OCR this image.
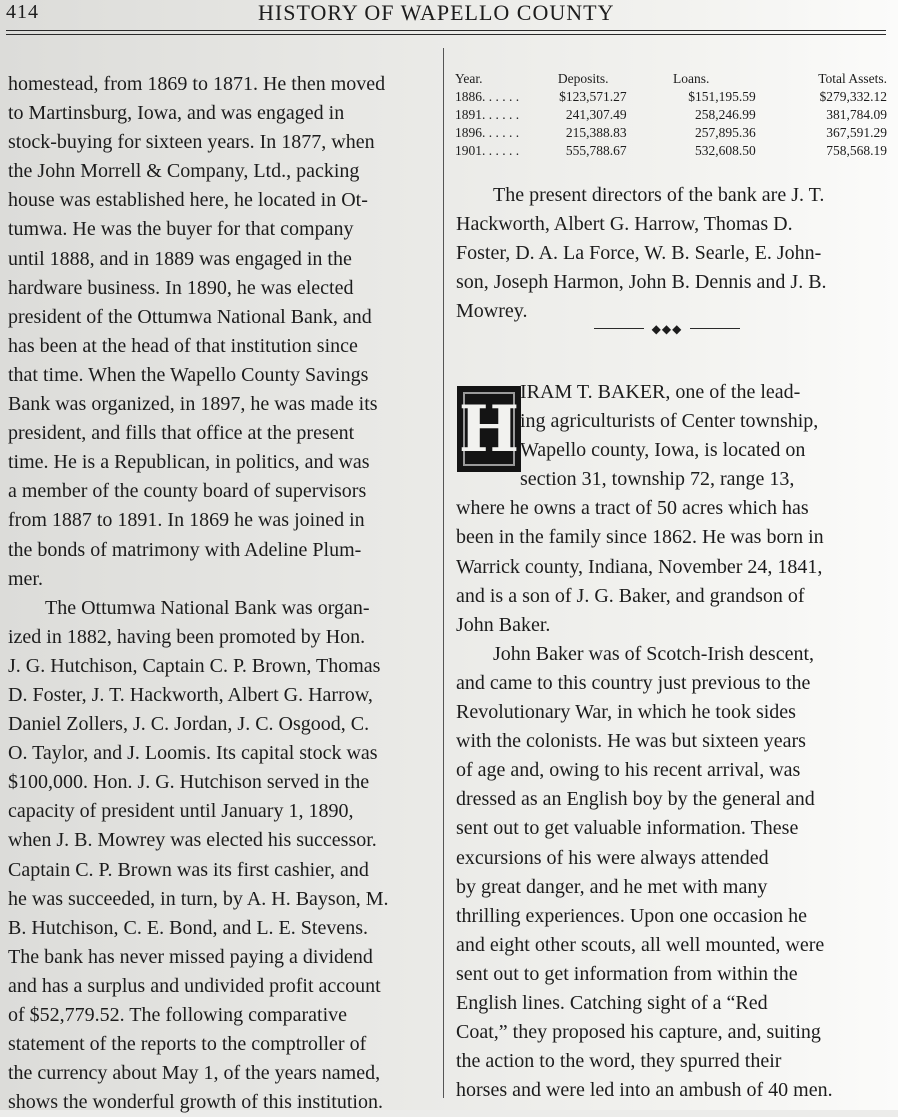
414	HISTORY OF WAPELLO COUNTY

homestead, from 1869 to 1871. He then moved
to Martinsburg, Iowa, and was engaged in
stock-buying for sixteen years. In 1877, when
the John Morrell & Company, Ltd., packing
house was established here, he located in Ot-
tumwa. He was the buyer for that company
until 1888, and in 1889 was engaged in the
hardware business. In 1890, he was elected
president of the Ottumwa National Bank, and
has been at the head of that institution since
that time. When the Wapello County Savings
Bank was organized, in 1897, he was made its
president, and fills that office at the present
time. He is a Republican, in politics, and was
a member of the county board of supervisors
from 1887 to 1891. In 1869 he was joined in
the bonds of matrimony with Adeline Plum-
mer.

The Ottumwa National Bank was organ-
ized in 1882, having been promoted by Hon.
J. G. Hutchison, Captain C. P. Brown, Thomas
D. Foster, J. T. Hackworth, Albert G. Harrow,
Daniel Zollers, J. C. Jordan, J. C. Osgood, C.
O. Taylor, and J. Loomis. Its capital stock was
$100,000. Hon. J. G. Hutchison served in the
capacity of president until January 1, 1890,
when J. B. Mowrey was elected his successor.
Captain C. P. Brown was its first cashier, and
he was succeeded, in turn, by A. H. Bayson, M.
B. Hutchison, C. E. Bond, and L. E. Stevens.
The bank has never missed paying a dividend
and has a surplus and undivided profit account
of $52,779.52. The following comparative
statement of the reports to the comptroller of
the currency about May 1, of the years named,
shows the wonderful growth of this institution.

Year.	Deposits.	Loans.	Total Assets.
1886. . . . . .	$123,571.27	$151,195.59	$279,332.12
1891. . . . . .	241,307.49	258,246.99	381,784.09
1896. . . . . .	215,388.83	257,895.36	367,591.29
1901. . . . . .	555,788.67	532,608.50	758,568.19

The present directors of the bank are J. T.
Hackworth, Albert G. Harrow, Thomas D.
Foster, D. A. La Force, W. B. Searle, E. John-
son, Joseph Harmon, John B. Dennis and J. B.
Mowrey.

◆◆◆
H IRAM T. BAKER, one of the lead-
ing agriculturists of Center township,
Wapello county, Iowa, is located on
section 31, township 72, range 13,

where he owns a tract of 50 acres which has
been in the family since 1862. He was born in
Warrick county, Indiana, November 24, 1841,
and is a son of J. G. Baker, and grandson of
John Baker.

John Baker was of Scotch-Irish descent,
and came to this country just previous to the
Revolutionary War, in which he took sides
with the colonists. He was but sixteen years
of age and, owing to his recent arrival, was
dressed as an English boy by the general and
sent out to get valuable information. These
excursions of his were always attended
by great danger, and he met with many
thrilling experiences. Upon one occasion he
and eight other scouts, all well mounted, were
sent out to get information from within the
English lines. Catching sight of a “Red
Coat,” they proposed his capture, and, suiting
the action to the word, they spurred their
horses and were led into an ambush of 40 men.
